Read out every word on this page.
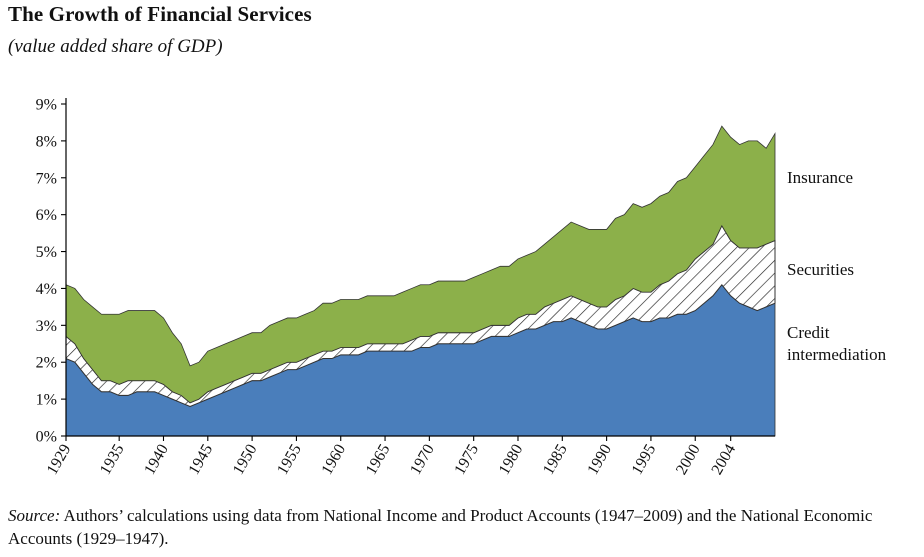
The Growth of Financial Services
(value added share of GDP)
0%
1%
2%
3%
4%
5%
6%
7%
8%
9%
1929 1935 1940 1945 1950 1955 1960 1965 1970 1975 1980 1985 1990 1995 2000 2004
Insurance
Securities
Credit intermediation
Source: Authors’ calculations using data from National Income and Product Accounts (1947–2009) and the National Economic Accounts (1929–1947).
